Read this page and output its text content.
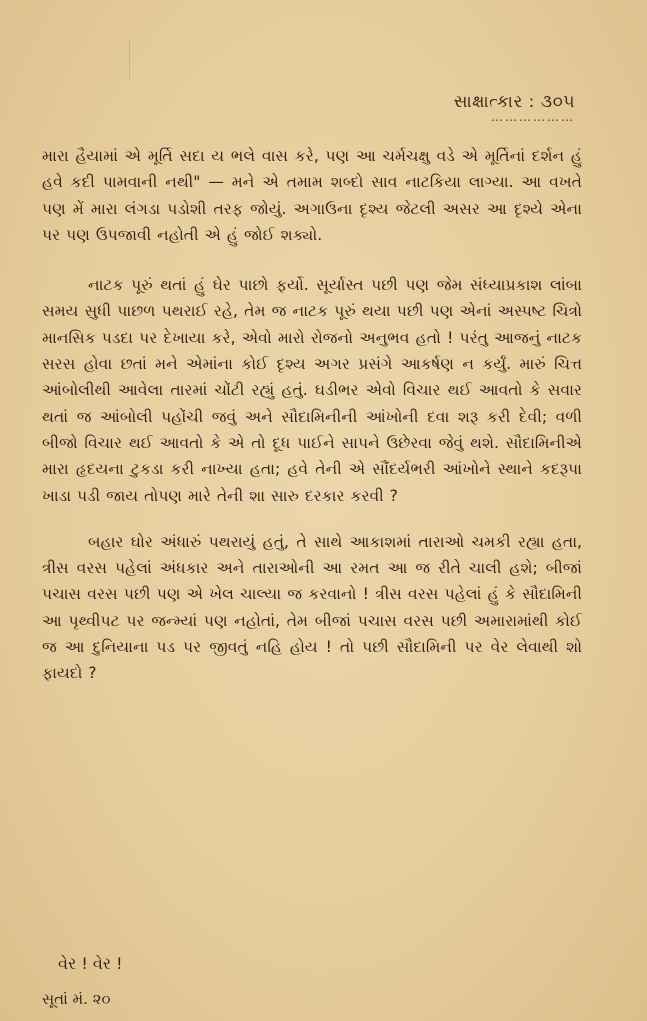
સાક્ષાત્કાર : ૩૦૫
………………

મારા હૈયામાં એ મૂર્તિ સદા ય ભલે વાસ કરે, પણ આ ચર્મચક્ષુ વડે એ મૂર્તિનાં દર્શન હું હવે કદી પામવાની નથી" — મને એ તમામ શબ્દો સાવ નાટકિયા લાગ્યા. આ વખતે પણ મેં મારા લંગડા પડોશી તરફ જોયું. અગાઉના દૃશ્ય જેટલી અસર આ દૃશ્યે એના પર પણ ઉપજાવી નહોતી એ હું જોઈ શક્યો.

નાટક પૂરું થતાં હું ઘેર પાછો ફર્યો. સૂર્યાસ્ત પછી પણ જેમ સંધ્યાપ્રકાશ લાંબા સમય સુધી પાછળ પથરાઈ રહે, તેમ જ નાટક પૂરું થયા પછી પણ એનાં અસ્પષ્ટ ચિત્રો માનસિક પડદા પર દેખાયા કરે, એવો મારો રોજનો અનુભવ હતો ! પરંતુ આજનું નાટક સરસ હોવા છતાં મને એમાંના કોઈ દૃશ્ય અગર પ્રસંગે આકર્ષણ ન કર્યું. મારું ચિત્ત આંબોલીથી આવેલા તારમાં ચોંટી રહ્યું હતું. ઘડીભર એવો વિચાર થઈ આવતો કે સવાર થતાં જ આંબોલી પહોંચી જવું અને સૌદામિનીની આંખોની દવા શરૂ કરી દેવી; વળી બીજો વિચાર થઈ આવતો કે એ તો દૂધ પાઈને સાપને ઉછેરવા જેવું થશે. સૌદામિનીએ મારા હૃદયના ટુકડા કરી નાખ્યા હતા; હવે તેની એ સૌંદર્યભરી આંખોને સ્થાને કદરૂપા ખાડા પડી જાય તોપણ મારે તેની શા સારુ દરકાર કરવી ?

બહાર ઘોર અંધારું પથરાયું હતું, તે સાથે આકાશમાં તારાઓ ચમકી રહ્યા હતા, ત્રીસ વરસ પહેલાં અંધકાર અને તારાઓની આ રમત આ જ રીતે ચાલી હશે; બીજાં પચાસ વરસ પછી પણ એ ખેલ ચાલ્યા જ કરવાનો ! ત્રીસ વરસ પહેલાં હું કે સૌદામિની આ પૃથ્વીપટ પર જન્મ્યાં પણ નહોતાં, તેમ બીજાં પચાસ વરસ પછી અમારામાંથી કોઈ જ આ દુનિયાના પડ પર જીવતું નહિ હોય ! તો પછી સૌદામિની પર વેર લેવાથી શો ફાયદો ?

વેર ! વેર !
સૂતાં મં. ૨૦
